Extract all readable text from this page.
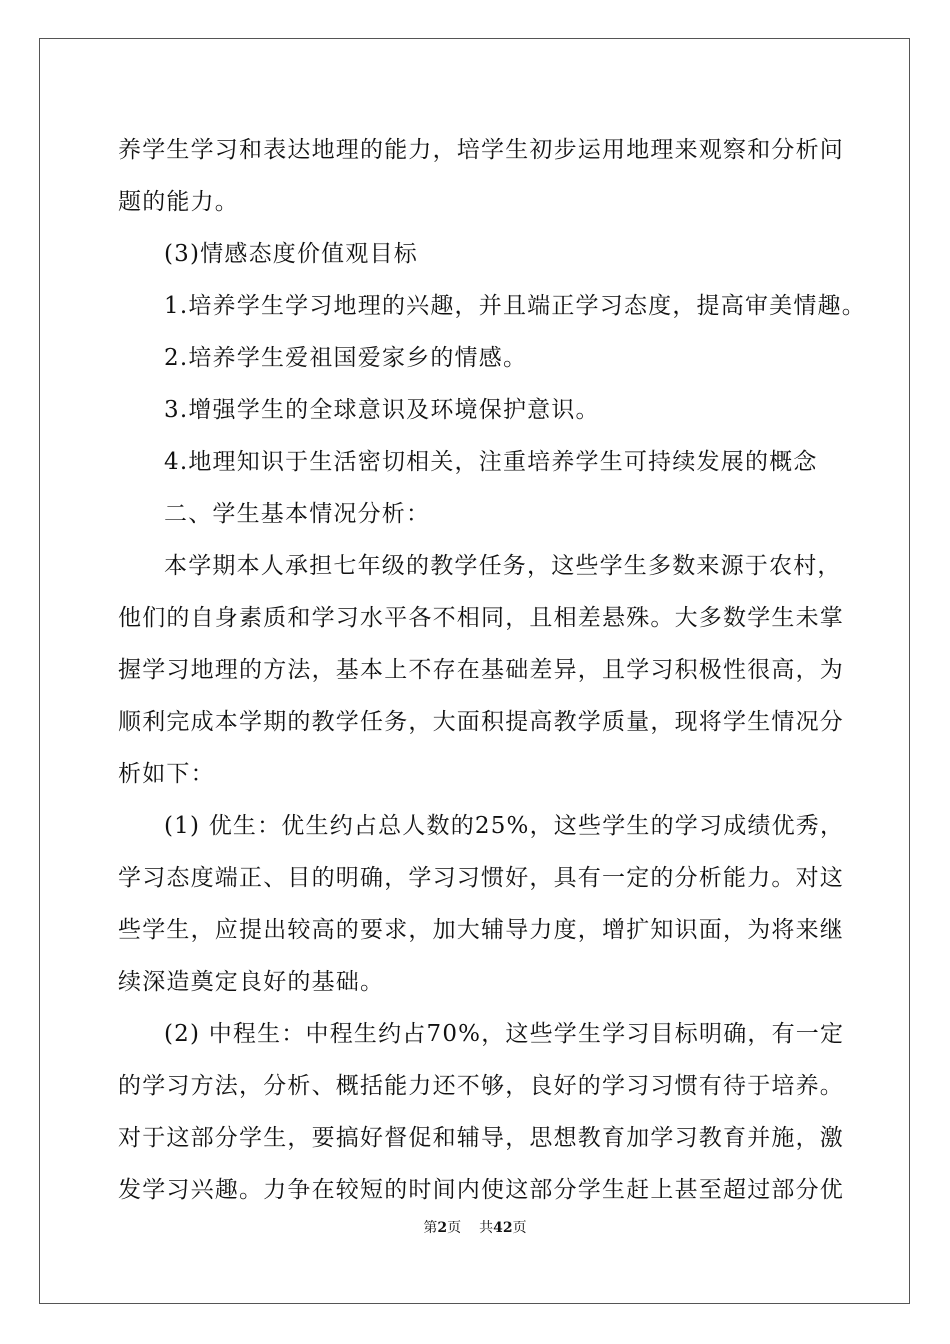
养学生学习和表达地理的能力，培学生初步运用地理来观察和分析问
题的能力。
(3)情感态度价值观目标
1.培养学生学习地理的兴趣，并且端正学习态度，提高审美情趣。
2.培养学生爱祖国爱家乡的情感。
3.增强学生的全球意识及环境保护意识。
4.地理知识于生活密切相关，注重培养学生可持续发展的概念
二、学生基本情况分析：
本学期本人承担七年级的教学任务，这些学生多数来源于农村，
他们的自身素质和学习水平各不相同，且相差悬殊。大多数学生未掌
握学习地理的方法，基本上不存在基础差异，且学习积极性很高，为
顺利完成本学期的教学任务，大面积提高教学质量，现将学生情况分
析如下：
(1) 优生：优生约占总人数的25%，这些学生的学习成绩优秀，
学习态度端正、目的明确，学习习惯好，具有一定的分析能力。对这
些学生，应提出较高的要求，加大辅导力度，增扩知识面，为将来继
续深造奠定良好的基础。
(2) 中程生：中程生约占70%，这些学生学习目标明确，有一定
的学习方法，分析、概括能力还不够，良好的学习习惯有待于培养。
对于这部分学生，要搞好督促和辅导，思想教育加学习教育并施，激
发学习兴趣。力争在较短的时间内使这部分学生赶上甚至超过部分优
第2页 共42页
